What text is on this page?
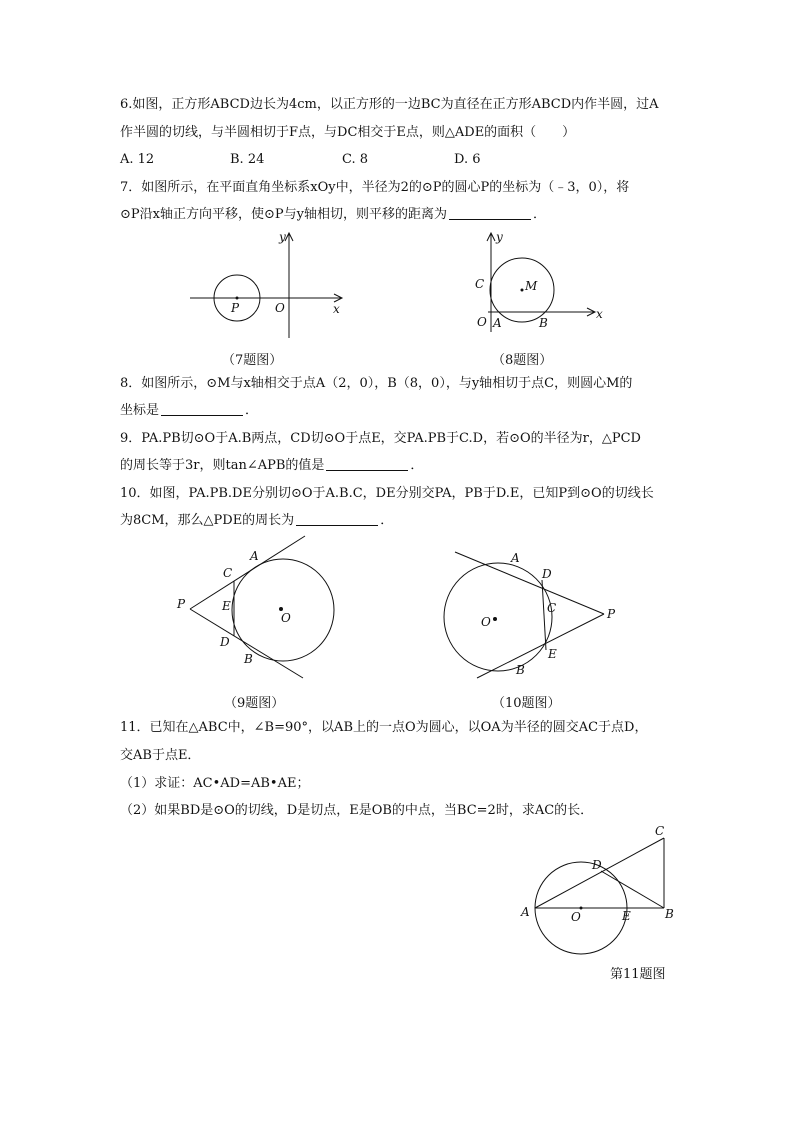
6.如图，正方形ABCD边长为4cm，以正方形的一边BC为直径在正方形ABCD内作半圆，过A
作半圆的切线，与半圆相切于F点，与DC相交于E点，则△ADE的面积（　　）
A. 12	B. 24	C. 8	D. 6
7．如图所示，在平面直角坐标系xOy中，半径为2的⊙P的圆心P的坐标为（﹣3，0），将
⊙P沿x轴正方向平移，使⊙P与y轴相切，则平移的距离为	．
y
x
O
P
（7题图）
y
x
C	M
O A	B
（8题图）
8．如图所示，⊙M与x轴相交于点A（2，0），B（8，0），与y轴相切于点C，则圆心M的
坐标是	．
9．PA.PB切⊙O于A.B两点，CD切⊙O于点E，交PA.PB于C.D，若⊙O的半径为r，△PCD
的周长等于3r，则tan∠APB的值是	．
10．如图，PA.PB.DE分别切⊙O于A.B.C，DE分别交PA，PB于D.E，已知P到⊙O的切线长
为8CM，那么△PDE的周长为	．
A
C
P	E
O
D
B
（9题图）
A
D
C	P
O
E
B
（10题图）
11．已知在△ABC中，∠B=90°，以AB上的一点O为圆心，以OA为半径的圆交AC于点D，
交AB于点E．
（1）求证：AC•AD=AB•AE；
（2）如果BD是⊙O的切线，D是切点，E是OB的中点，当BC=2时，求AC的长．
C
D
A	O	E	B
第11题图
